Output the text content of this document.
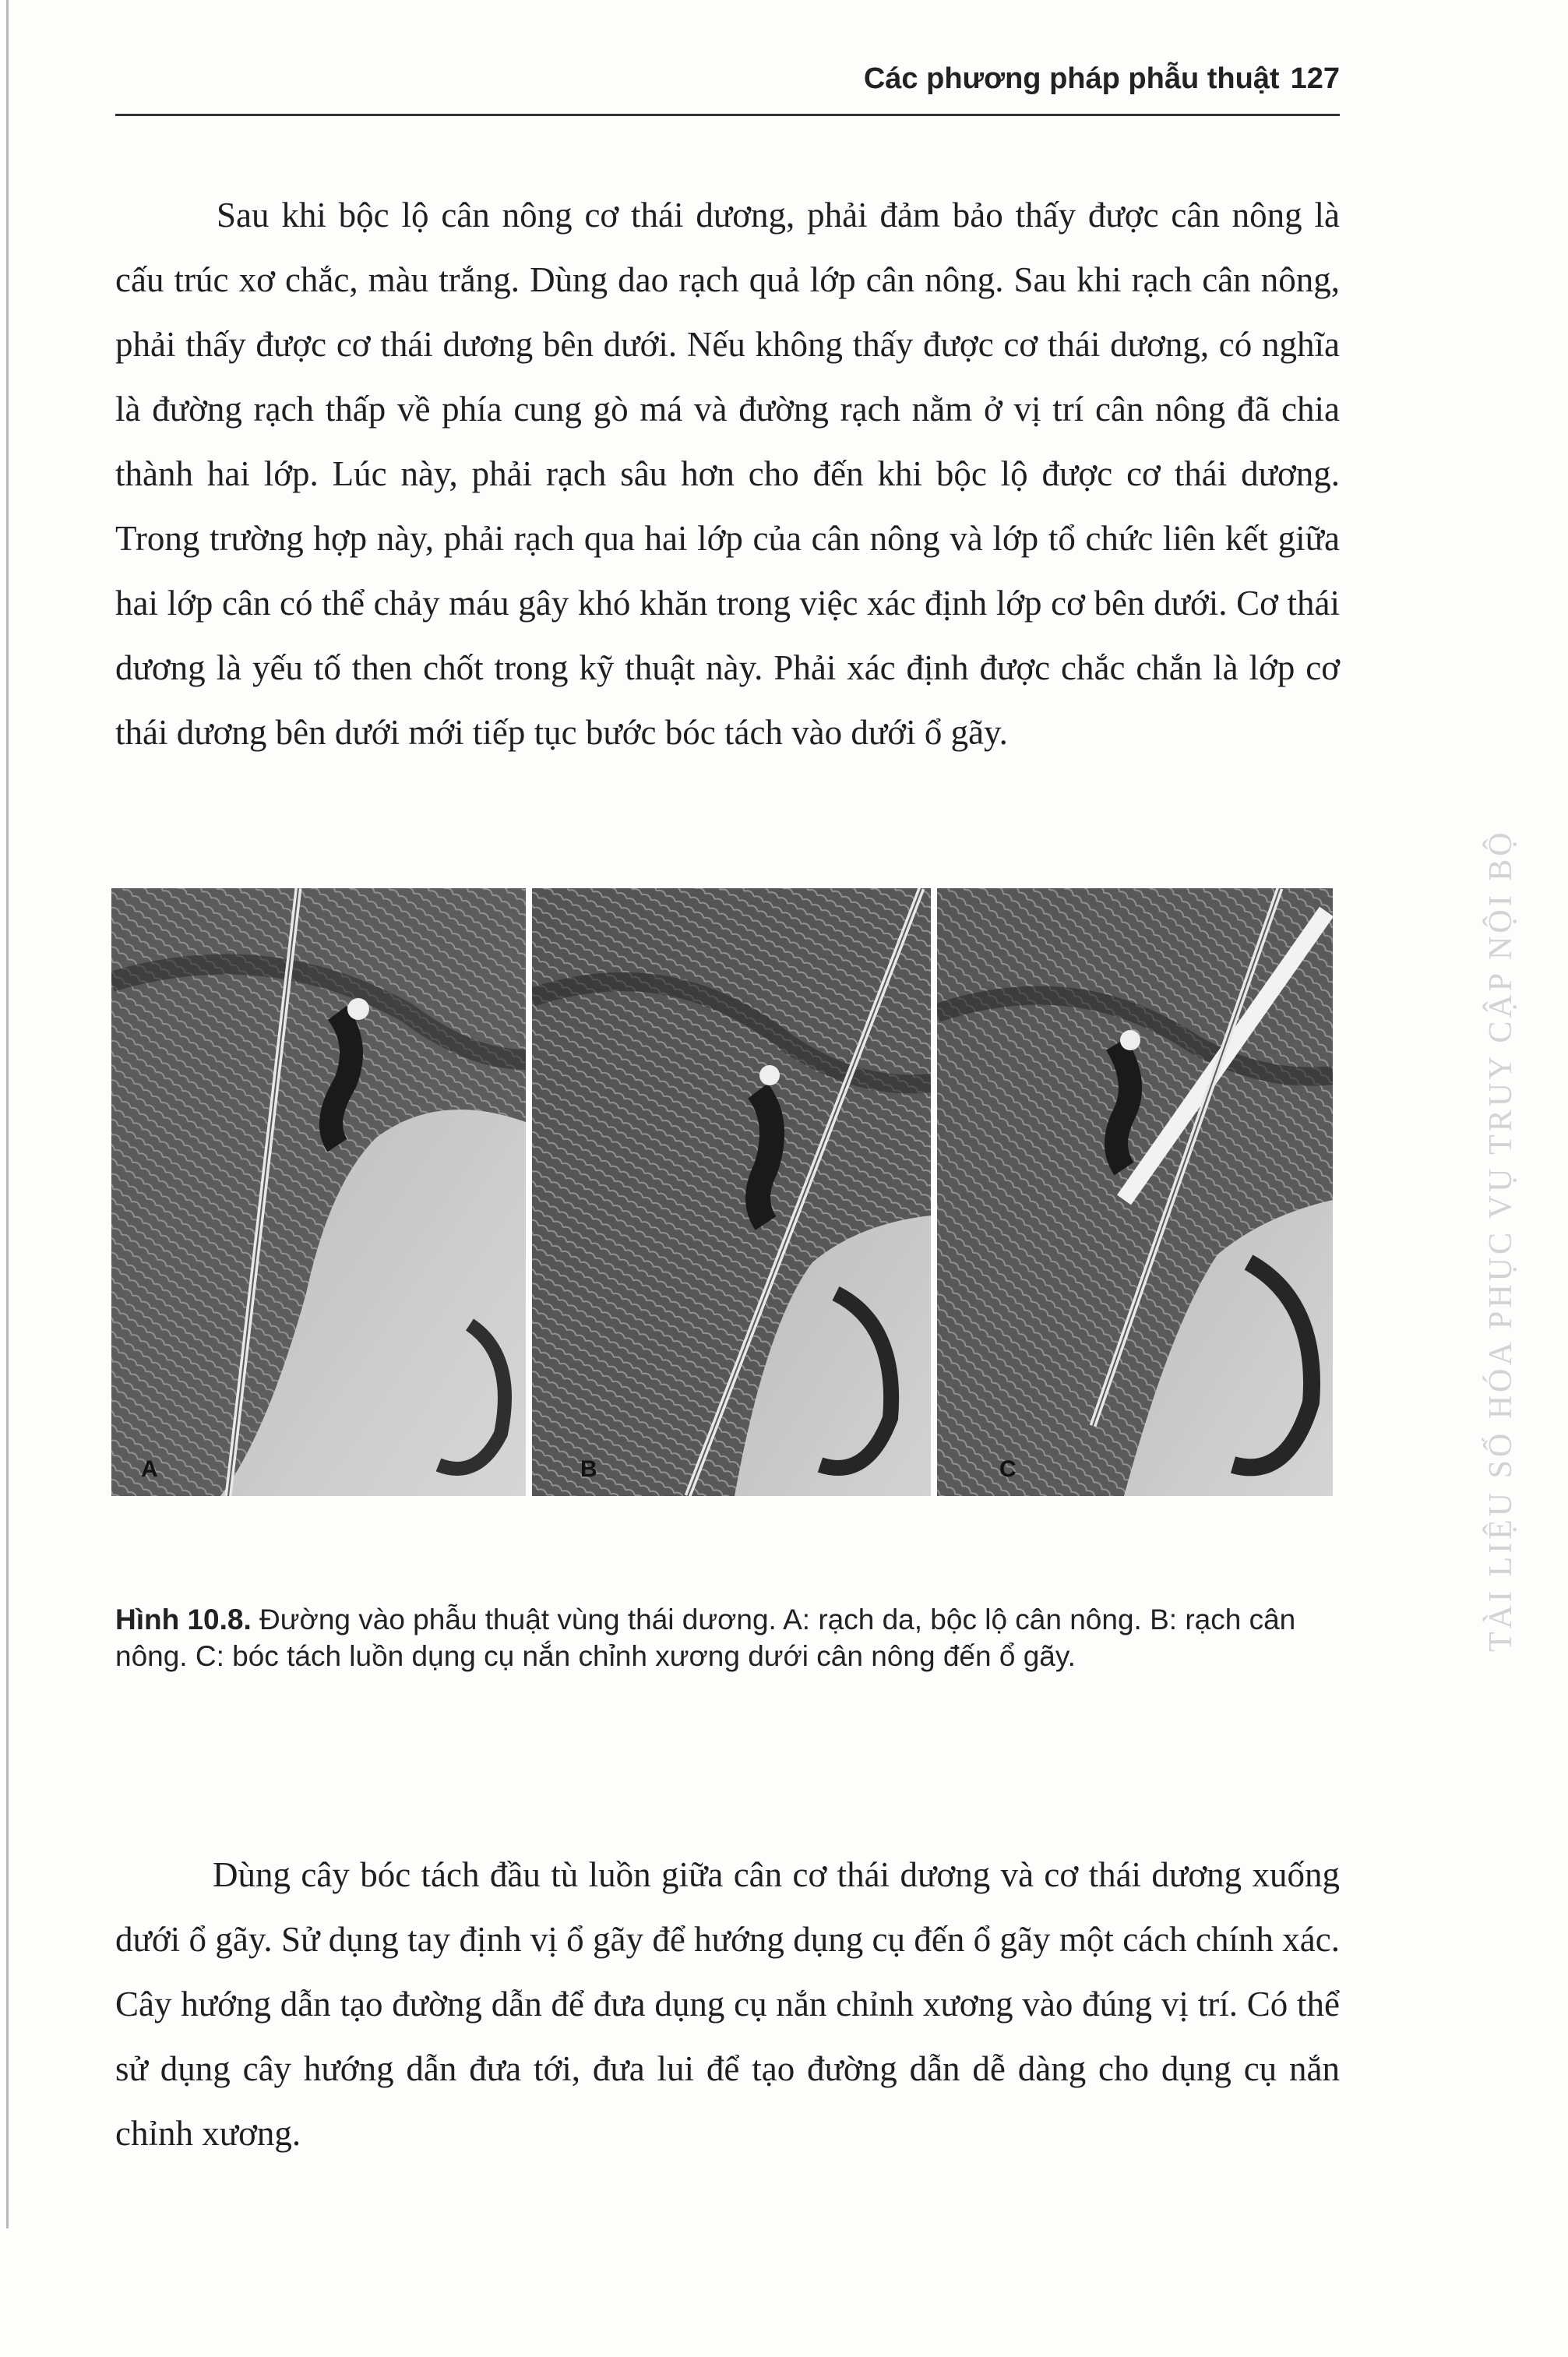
Các phương pháp phẫu thuật 127

Sau khi bộc lộ cân nông cơ thái dương, phải đảm bảo thấy được cân nông là cấu trúc xơ chắc, màu trắng. Dùng dao rạch quả lớp cân nông. Sau khi rạch cân nông, phải thấy được cơ thái dương bên dưới. Nếu không thấy được cơ thái dương, có nghĩa là đường rạch thấp về phía cung gò má và đường rạch nằm ở vị trí cân nông đã chia thành hai lớp. Lúc này, phải rạch sâu hơn cho đến khi bộc lộ được cơ thái dương. Trong trường hợp này, phải rạch qua hai lớp của cân nông và lớp tổ chức liên kết giữa hai lớp cân có thể chảy máu gây khó khăn trong việc xác định lớp cơ bên dưới. Cơ thái dương là yếu tố then chốt trong kỹ thuật này. Phải xác định được chắc chắn là lớp cơ thái dương bên dưới mới tiếp tục bước bóc tách vào dưới ổ gãy.

A	B	C

Hình 10.8. Đường vào phẫu thuật vùng thái dương. A: rạch da, bộc lộ cân nông. B: rạch cân nông. C: bóc tách luồn dụng cụ nắn chỉnh xương dưới cân nông đến ổ gãy.

Dùng cây bóc tách đầu tù luồn giữa cân cơ thái dương và cơ thái dương xuống dưới ổ gãy. Sử dụng tay định vị ổ gãy để hướng dụng cụ đến ổ gãy một cách chính xác. Cây hướng dẫn tạo đường dẫn để đưa dụng cụ nắn chỉnh xương vào đúng vị trí. Có thể sử dụng cây hướng dẫn đưa tới, đưa lui để tạo đường dẫn dễ dàng cho dụng cụ nắn chỉnh xương.

TÀI LIỆU SỐ HÓA PHỤC VỤ TRUY CẬP NỘI BỘ
